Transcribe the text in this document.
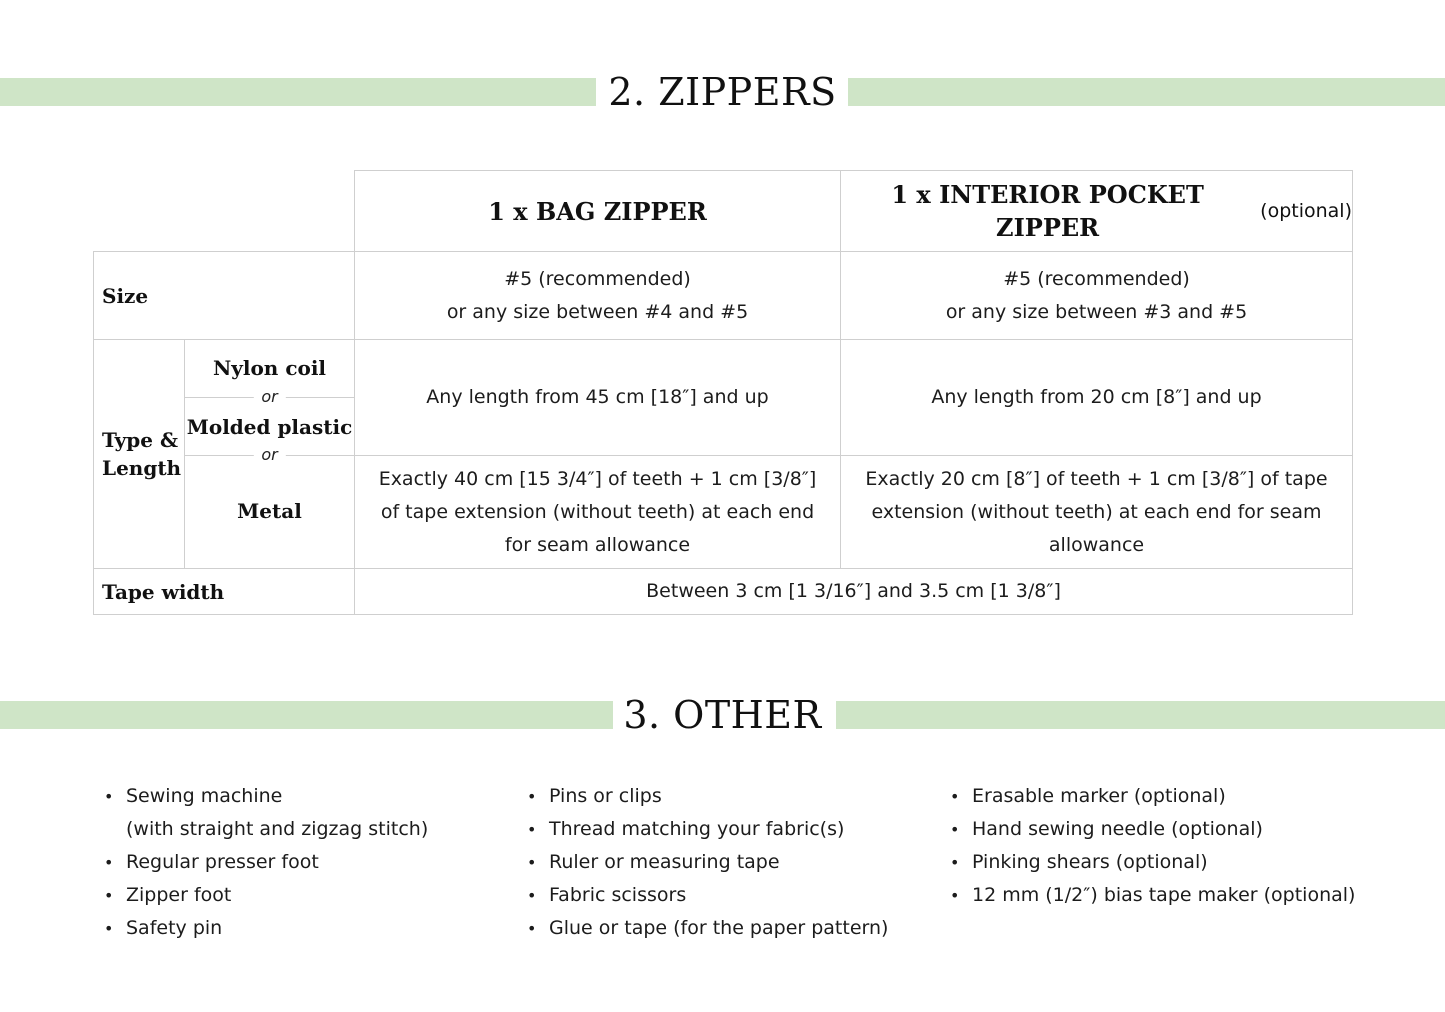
2. ZIPPERS
1 x BAG ZIPPER
1 x INTERIOR POCKET ZIPPER
(optional)
Size
#5 (recommended)
or any size between #4 and #5
#5 (recommended)
or any size between #3 and #5
Type &
Length
Nylon coil
or
Molded plastic
or
Metal
Any length from 45 cm [18″] and up	Any length from 20 cm [8″] and up
Exactly 40 cm [15 3/4″] of teeth + 1 cm [3/8″] of tape extension (without teeth) at each end for seam allowance
Exactly 20 cm [8″] of teeth + 1 cm [3/8″] of tape extension (without teeth) at each end for seam allowance
Tape width	Between 3 cm [1 3/16″] and 3.5 cm [1 3/8″]
3. OTHER
• Sewing machine
(with straight and zigzag stitch)
• Regular presser foot
• Zipper foot
• Safety pin
• Pins or clips
• Thread matching your fabric(s)
• Ruler or measuring tape
• Fabric scissors
• Glue or tape (for the paper pattern)
• Erasable marker (optional)
• Hand sewing needle (optional)
• Pinking shears (optional)
• 12 mm (1/2″) bias tape maker (optional)
